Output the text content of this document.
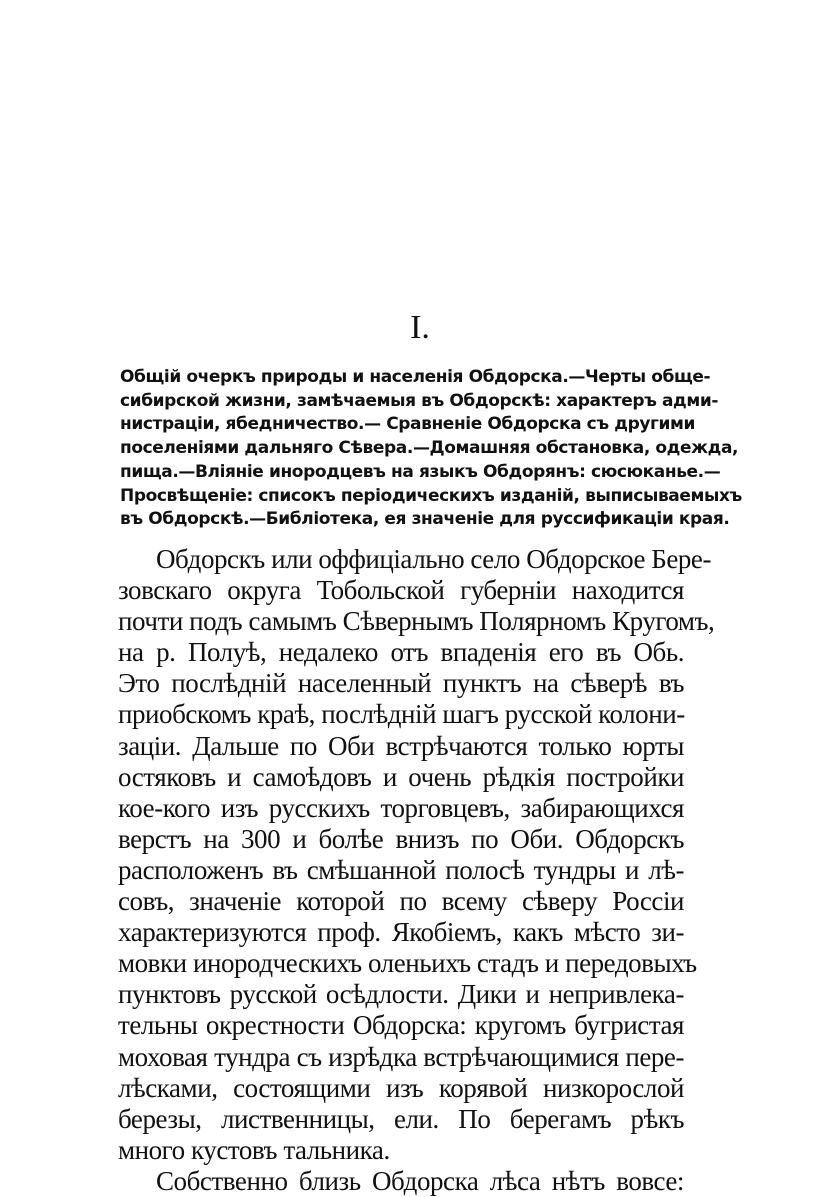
I.
Общій очеркъ природы и населенія Обдорска.—Черты обще-
сибирской жизни, замѣчаемыя въ Обдорскѣ: характеръ адми-
нистраціи, ябедничество.— Сравненіе Обдорска съ другими
поселеніями дальняго Сѣвера.—Домашняя обстановка, одежда,
пища.—Вліяніе инородцевъ на языкъ Обдорянъ: сюсюканье.—
Просвѣщеніе: списокъ періодическихъ изданій, выписываемыхъ
въ Обдорскѣ.—Библіотека, ея значеніе для руссификаціи края.
Обдорскъ или оффиціально село Обдорское Бере-
зовскаго округа Тобольской губерніи находится
почти подъ самымъ Сѣвернымъ Полярномъ Кругомъ,
на р. Полуѣ, недалеко отъ впаденія его въ Обь.
Это послѣдній населенный пунктъ на сѣверѣ въ
приобскомъ краѣ, послѣдній шагъ русской колони-
заціи. Дальше по Оби встрѣчаются только юрты
остяковъ и самоѣдовъ и очень рѣдкія постройки
кое-кого изъ русскихъ торговцевъ, забирающихся
верстъ на 300 и болѣе внизъ по Оби. Обдорскъ
расположенъ въ смѣшанной полосѣ тундры и лѣ-
совъ, значеніе которой по всему сѣверу Россіи
характеризуются проф. Якобіемъ, какъ мѣсто зи-
мовки инородческихъ оленьихъ стадъ и передовыхъ
пунктовъ русской осѣдлости. Дики и непривлека-
тельны окрестности Обдорска: кругомъ бугристая
моховая тундра съ изрѣдка встрѣчающимися пере-
лѣсками, состоящими изъ корявой низкорослой
березы, лиственницы, ели. По берегамъ рѣкъ
много кустовъ тальника.
Собственно близь Обдорска лѣса нѣтъ вовсе:
